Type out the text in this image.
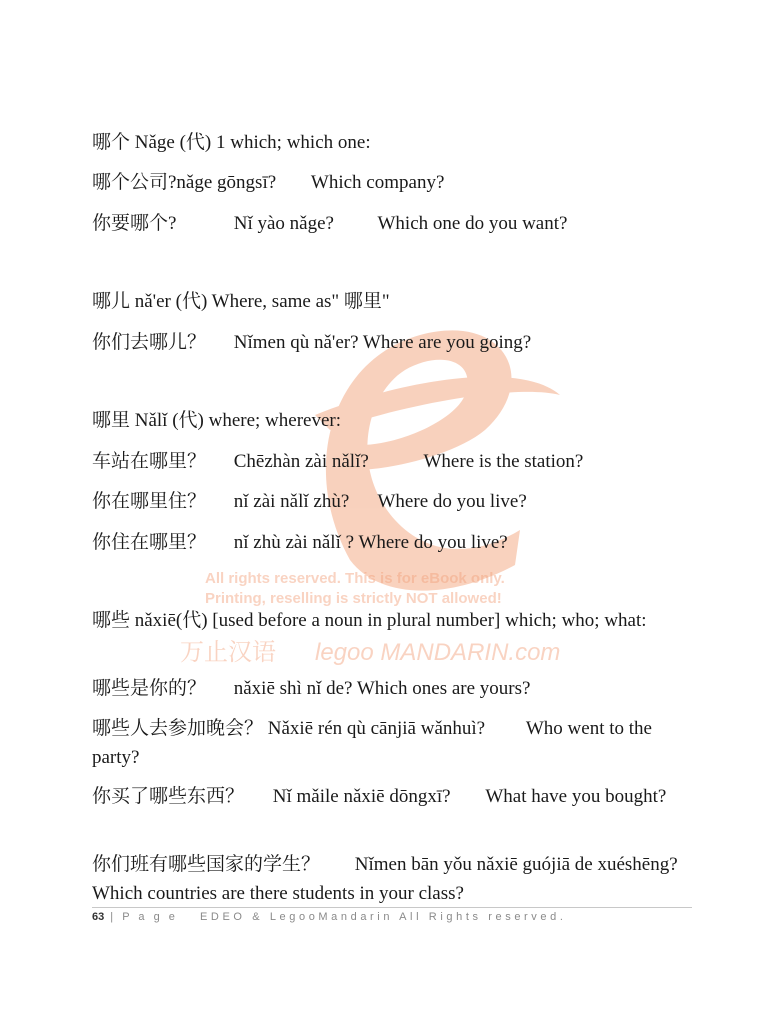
All rights reserved. This is for eBook only.
Printing, reselling is strictly NOT allowed!
万止汉语 legoo MANDARIN.com
哪个 Nǎge (代) 1 which; which one:
哪个公司?nǎge gōngsī? Which company?
你要哪个?	Nǐ yào nǎge? Which one do you want?
哪儿 nǎ'er (代) Where, same as" 哪里"
你们去哪儿？ Nǐmen qù nǎ'er? Where are you going?
哪里 Nǎlǐ (代) where; wherever:
车站在哪里？ Chēzhàn zài nǎlǐ?	Where is the station?
你在哪里住？ nǐ zài nǎlǐ zhù? Where do you live?
你住在哪里？ nǐ zhù zài nǎlǐ ? Where do you live?
哪些 nǎxiē(代) [used before a noun in plural number] which; who; what:
哪些是你的？ nǎxiē shì nǐ de? Which ones are yours?
哪些人去参加晚会？ Nǎxiē rén qù cānjiā wǎnhuì? Who went to the party?
你买了哪些东西？ Nǐ mǎile nǎxiē dōngxī? What have you bought?
你们班有哪些国家的学生？ Nǐmen bān yǒu nǎxiē guójiā de xuéshēng? Which countries are there students in your class?
63 | P a g e EDEO & LegooMandarin All Rights reserved.
